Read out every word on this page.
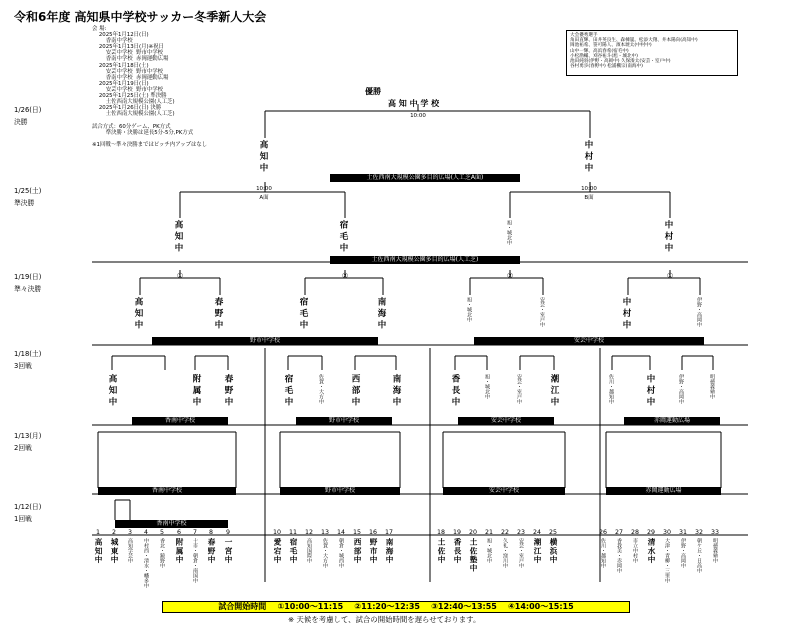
令和6年度 高知県中学校サッカー冬季新人大会
会 場:
2025年1月12日(日)
香南中学校
2025年1月13日(月)※祝日
安芸中学校  野市中学校
香南中学校  赤岡運動広場
2025年1月18日(土)
安芸中学校  野市中学校
香南中学校  赤岡運動広場
2025年1月19日(日)
安芸中学校  野市中学校
2025年1月25日(土) 準決勝
土佐西南大規模公園(人工芝)
2025年1月26日(日) 決勝
土佐西南大規模公園(人工芝)

試合方式：60分ゲーム、PK方式
準決勝・決勝は延長5分-5分,PK方式

※1回戦～準々決勝まではピッチ内アップはなし
大会優秀選手
角田直輝、田井英良生、森棟嵐、松添大翔、井本陽向(高知中)
岡池祐希、笹可陽人、濱本琥太(中村中)
山中一輝、高浜春希(宿毛中)
小松勘輔、刈谷祐斗(旭・城北中)
池田純羽(伊野・高岡中) 久保湊太(安芸・室戸中)
谷村勇歩(春野中) 松浦楓宗(南海中)
1/26(日)
決勝
1/25(土)
準決勝
1/19(日)
準々決勝
1/18(土)
3回戦
1/13(月)
2回戦
1/12(日)
1回戦
優勝
高 知 中 学 校
10:00
高知中	中村中
土佐西南大規模公園多目的広場(人工芝A面)
10:00
A面
10:00
B面
高知中	宿毛中	旭・城北中	中村中
土佐西南大規模公園多目的広場(人工芝)
①	②	②	①
高知中	春野中	宿毛中	南海中	旭・城北中	安芸・室戸中	中村中	伊野・高岡中
野市中学校	安芸中学校
高知中	附属中	春野中	宿毛中	佐賀・大方中	西部中	南海中	香長中	旭・城北中	安芸・室戸中	潮江中	佐川・越知中	中村中	伊野・高岡中	明徳義塾中
香南中学校	野市中学校	安芸中学校	赤岡運動広場
香南中学校	野市中学校	安芸中学校	赤岡運動広場
香南中学校
1
高知中
2
城東中
3
高知学芸中
4
中村西・清水・幡多中
5
香北・鏡野中
6
附属中
7
十市・朝倉・南国中
8
春野中
9
一宮中
10
愛宕中
11
宿毛中
12
高知国際中
13
佐賀・大方中
14
朝倉・城西中
15
西部中
16
野市中
17
南海中
18
土佐中
19
香長中
20
土佐塾中
21
旭・城北中
22
久礼・窪川中
23
安芸・室戸中
24
潮江中
25
横浜中
26
佐川・越知中
27
香我美・赤岡中
28
市立中村中
29
清水中
30
大津・青柳・三里中
31
伊野・高岡中
32
朝ケ丘・日高中
33
明徳義塾中
試合開始時間    ①10:00～11:15    ②11:20～12:35    ③12:40～13:55    ④14:00～15:15
※ 天候を考慮して、試合の開始時間を遅らせております。
